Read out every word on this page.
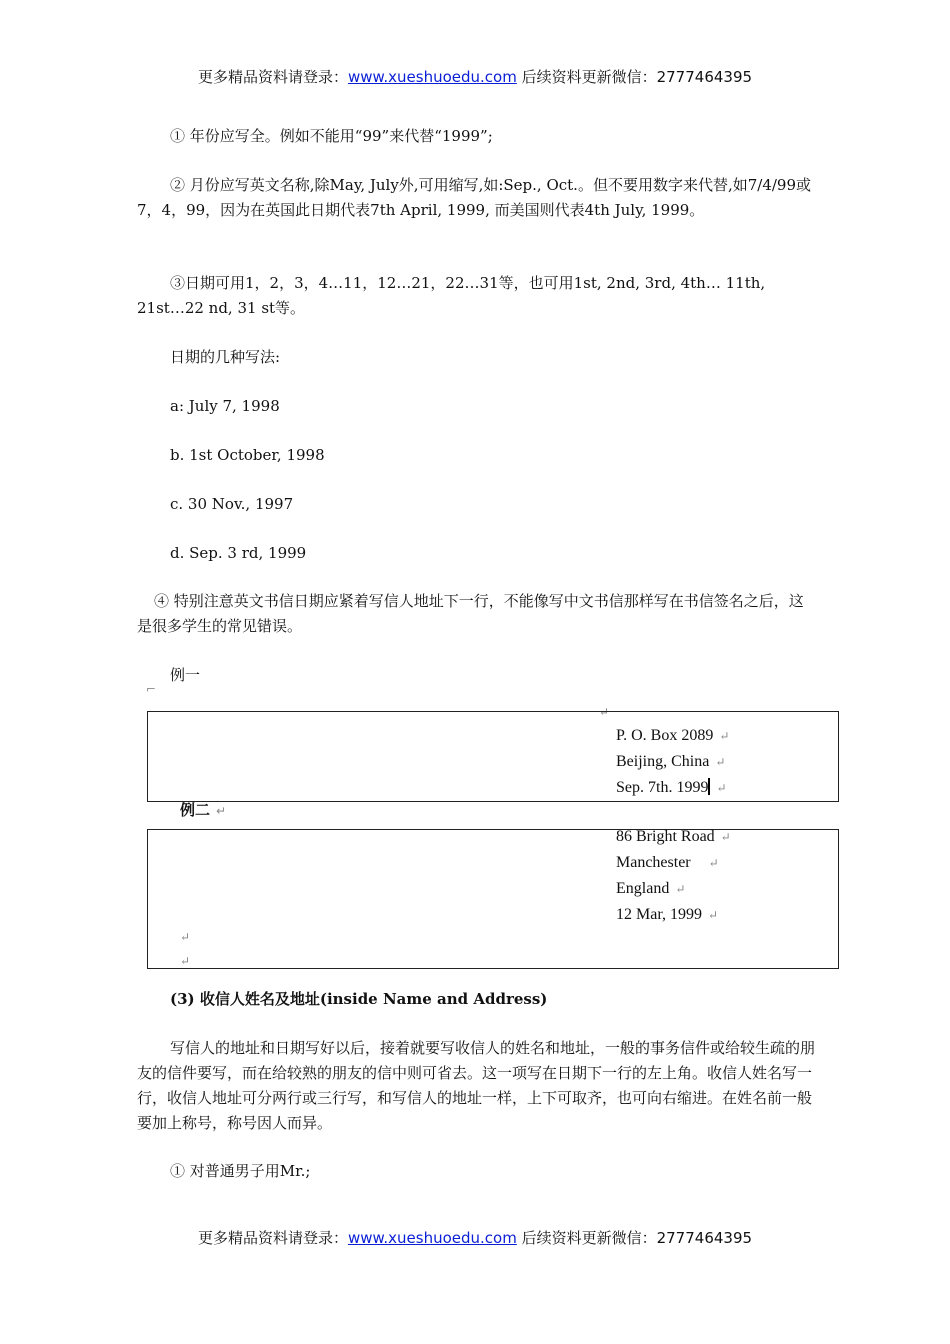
更多精品资料请登录：www.xueshuoedu.com 后续资料更新微信：2777464395
① 年份应写全。例如不能用“99”来代替“1999”;
② 月份应写英文名称,除May, July外,可用缩写,如:Sep., Oct.。但不要用数字来代替,如7/4/99或7，4，99，因为在英国此日期代表7th April, 1999, 而美国则代表4th July, 1999。
③日期可用1，2，3，4…11，12…21，22…31等，也可用1st, 2nd, 3rd, 4th… 11th, 21st…22 nd, 31 st等。
日期的几种写法:
a: July 7, 1998
b. 1st October, 1998
c. 30 Nov., 1997
d. Sep. 3 rd, 1999
④ 特别注意英文书信日期应紧着写信人地址下一行，不能像写中文书信那样写在书信签名之后，这是很多学生的常见错误。
例一
⌐
↵
P. O. Box 2089 ↵
Beijing, China ↵
Sep. 7th. 1999 ↵
例二 ↵
86 Bright Road ↵
Manchester ↵
England ↵
12 Mar, 1999 ↵
↵
↵
(3) 收信人姓名及地址(inside Name and Address)
写信人的地址和日期写好以后，接着就要写收信人的姓名和地址，一般的事务信件或给较生疏的朋友的信件要写，而在给较熟的朋友的信中则可省去。这一项写在日期下一行的左上角。收信人姓名写一行，收信人地址可分两行或三行写，和写信人的地址一样，上下可取齐，也可向右缩进。在姓名前一般要加上称号，称号因人而异。
① 对普通男子用Mr.;
更多精品资料请登录：www.xueshuoedu.com 后续资料更新微信：2777464395
